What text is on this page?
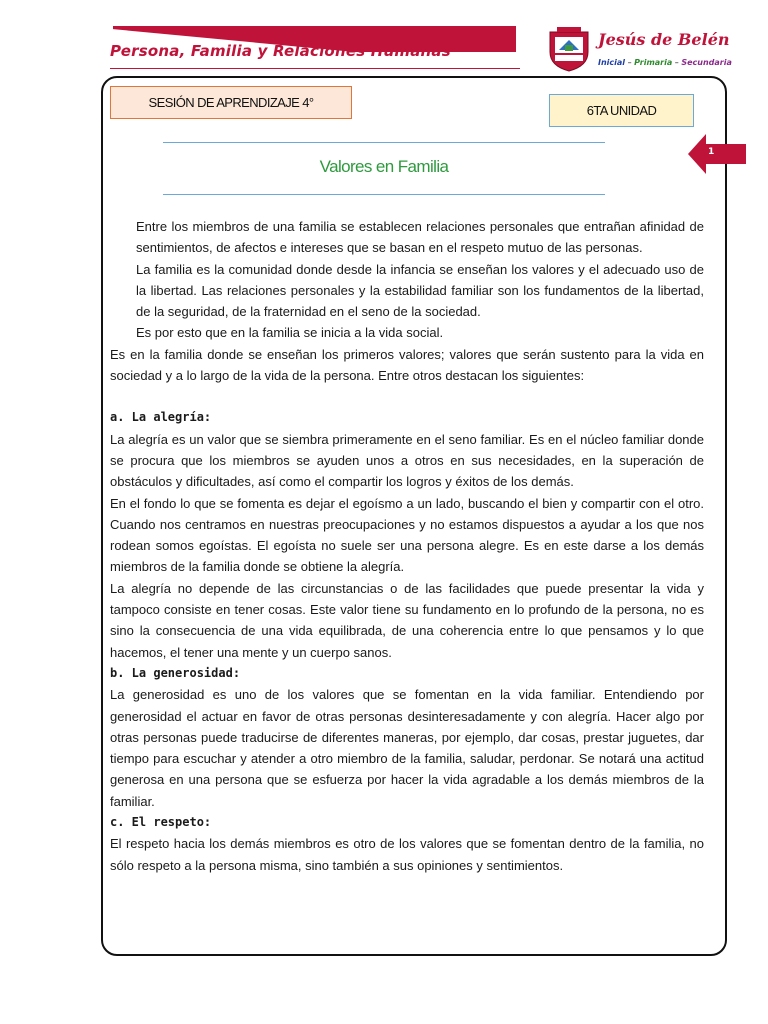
Persona, Familia y Relaciones Humanas
Jesús de Belén
Inicial – Primaria – Secundaria
SESIÓN DE APRENDIZAJE 4°
6TA UNIDAD
Valores en Familia
1

Entre los miembros de una familia se establecen relaciones personales que entrañan afinidad de sentimientos, de afectos e intereses que se basan en el respeto mutuo de las personas.

La familia es la comunidad donde desde la infancia se enseñan los valores y el adecuado uso de la libertad. Las relaciones personales y la estabilidad familiar son los fundamentos de la libertad, de la seguridad, de la fraternidad en el seno de la sociedad.

Es por esto que en la familia se inicia a la vida social.

Es en la familia donde se enseñan los primeros valores; valores que serán sustento para la vida en sociedad y a lo largo de la vida de la persona. Entre otros destacan los siguientes:

a. La alegría:

La alegría es un valor que se siembra primeramente en el seno familiar. Es en el núcleo familiar donde se procura que los miembros se ayuden unos a otros en sus necesidades, en la superación de obstáculos y dificultades, así como el compartir los logros y éxitos de los demás.

En el fondo lo que se fomenta es dejar el egoísmo a un lado, buscando el bien y compartir con el otro. Cuando nos centramos en nuestras preocupaciones y no estamos dispuestos a ayudar a los que nos rodean somos egoístas. El egoísta no suele ser una persona alegre. Es en este darse a los demás miembros de la familia donde se obtiene la alegría.

La alegría no depende de las circunstancias o de las facilidades que puede presentar la vida y tampoco consiste en tener cosas. Este valor tiene su fundamento en lo profundo de la persona, no es sino la consecuencia de una vida equilibrada, de una coherencia entre lo que pensamos y lo que hacemos, el tener una mente y un cuerpo sanos.

b. La generosidad:

La generosidad es uno de los valores que se fomentan en la vida familiar. Entendiendo por generosidad el actuar en favor de otras personas desinteresadamente y con alegría. Hacer algo por otras personas puede traducirse de diferentes maneras, por ejemplo, dar cosas, prestar juguetes, dar tiempo para escuchar y atender a otro miembro de la familia, saludar, perdonar. Se notará una actitud generosa en una persona que se esfuerza por hacer la vida agradable a los demás miembros de la familiar.

c. El respeto:

El respeto hacia los demás miembros es otro de los valores que se fomentan dentro de la familia, no sólo respeto a la persona misma, sino también a sus opiniones y sentimientos.
